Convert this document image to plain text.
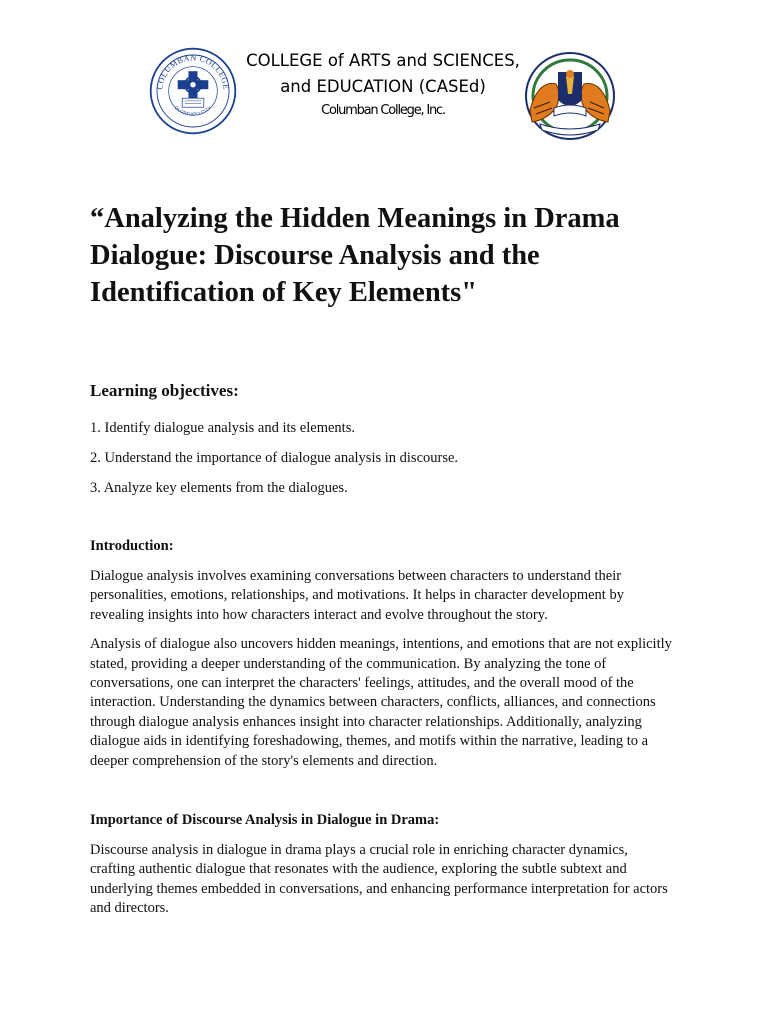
COLUMBAN COLLEGE
OLONGAPO CITY
COLLEGE of ARTS and SCIENCES,
and EDUCATION (CASEd)
Columban College, Inc.
“Analyzing the Hidden Meanings in Drama Dialogue: Discourse Analysis and the Identification of Key Elements"
Learning objectives:

1. Identify dialogue analysis and its elements.

2. Understand the importance of dialogue analysis in discourse.

3. Analyze key elements from the dialogues.

Introduction:

Dialogue analysis involves examining conversations between characters to understand their personalities, emotions, relationships, and motivations. It helps in character development by revealing insights into how characters interact and evolve throughout the story.

Analysis of dialogue also uncovers hidden meanings, intentions, and emotions that are not explicitly stated, providing a deeper understanding of the communication. By analyzing the tone of conversations, one can interpret the characters' feelings, attitudes, and the overall mood of the interaction. Understanding the dynamics between characters, conflicts, alliances, and connections through dialogue analysis enhances insight into character relationships. Additionally, analyzing dialogue aids in identifying foreshadowing, themes, and motifs within the narrative, leading to a deeper comprehension of the story's elements and direction.

Importance of Discourse Analysis in Dialogue in Drama:

Discourse analysis in dialogue in drama plays a crucial role in enriching character dynamics, crafting authentic dialogue that resonates with the audience, exploring the subtle subtext and underlying themes embedded in conversations, and enhancing performance interpretation for actors and directors.
